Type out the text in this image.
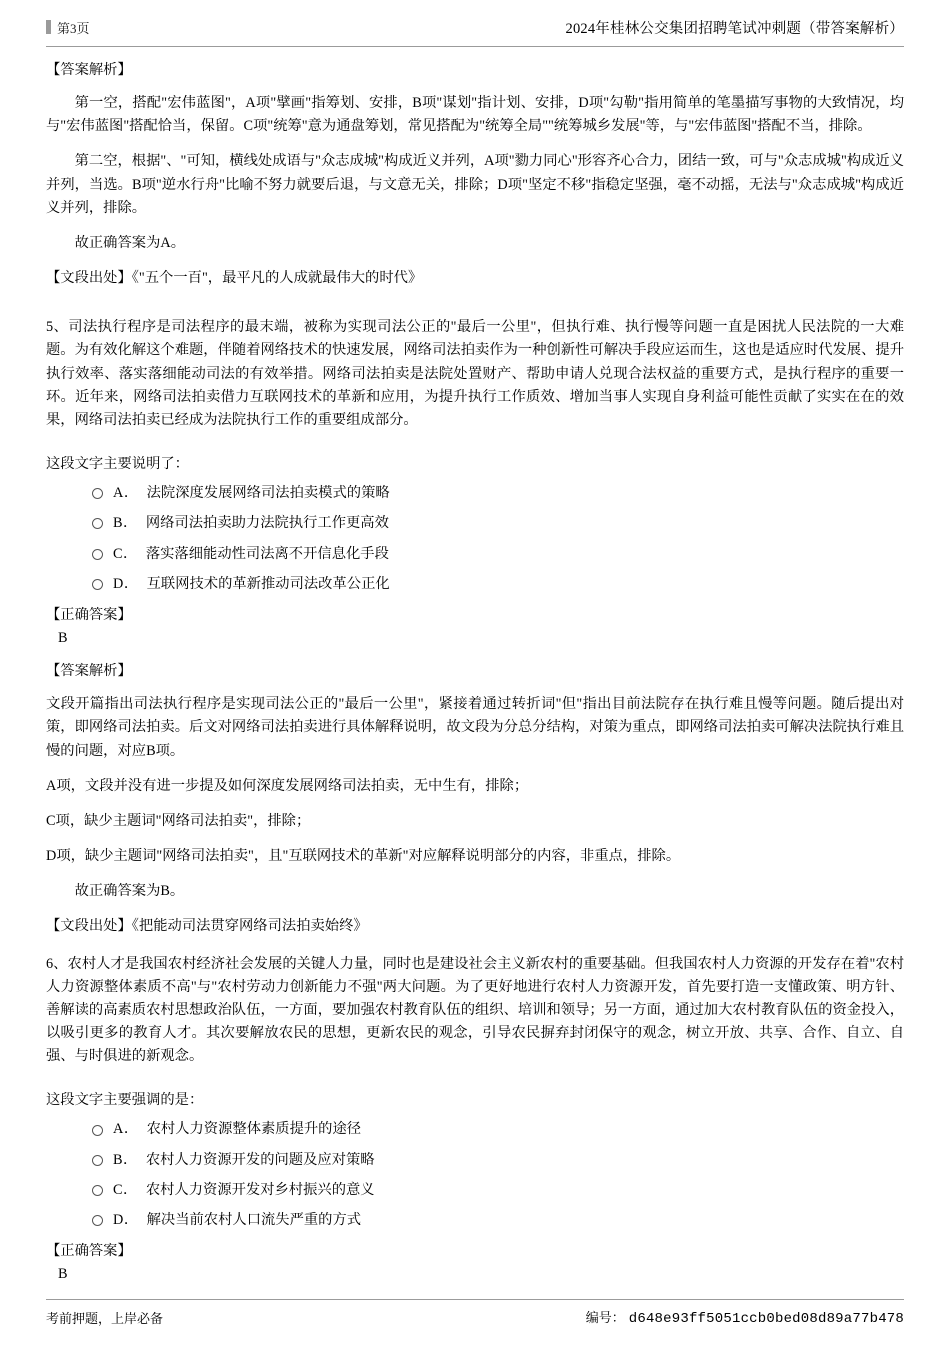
第3页	2024年桂林公交集团招聘笔试冲刺题（带答案解析）
【答案解析】

第一空，搭配"宏伟蓝图"，A项"擘画"指筹划、安排，B项"谋划"指计划、安排，D项"勾勒"指用简单的笔墨描写事物的大致情况，均与"宏伟蓝图"搭配恰当，保留。C项"统筹"意为通盘筹划，常见搭配为"统筹全局""统筹城乡发展"等，与"宏伟蓝图"搭配不当，排除。

第二空，根据"、"可知，横线处成语与"众志成城"构成近义并列，A项"勠力同心"形容齐心合力，团结一致，可与"众志成城"构成近义并列，当选。B项"逆水行舟"比喻不努力就要后退，与文意无关，排除；D项"坚定不移"指稳定坚强，毫不动摇，无法与"众志成城"构成近义并列，排除。

故正确答案为A。

【文段出处】《"五个一百"，最平凡的人成就最伟大的时代》

5、司法执行程序是司法程序的最末端，被称为实现司法公正的"最后一公里"，但执行难、执行慢等问题一直是困扰人民法院的一大难题。为有效化解这个难题，伴随着网络技术的快速发展，网络司法拍卖作为一种创新性可解决手段应运而生，这也是适应时代发展、提升执行效率、落实落细能动司法的有效举措。网络司法拍卖是法院处置财产、帮助申请人兑现合法权益的重要方式，是执行程序的重要一环。近年来，网络司法拍卖借力互联网技术的革新和应用，为提升执行工作质效、增加当事人实现自身利益可能性贡献了实实在在的效果，网络司法拍卖已经成为法院执行工作的重要组成部分。

这段文字主要说明了：

A． 法院深度发展网络司法拍卖模式的策略
B． 网络司法拍卖助力法院执行工作更高效
C． 落实落细能动性司法离不开信息化手段
D． 互联网技术的革新推动司法改革公正化
【正确答案】
B
【答案解析】

文段开篇指出司法执行程序是实现司法公正的"最后一公里"，紧接着通过转折词"但"指出目前法院存在执行难且慢等问题。随后提出对策，即网络司法拍卖。后文对网络司法拍卖进行具体解释说明，故文段为分总分结构，对策为重点，即网络司法拍卖可解决法院执行难且慢的问题，对应B项。

A项，文段并没有进一步提及如何深度发展网络司法拍卖，无中生有，排除；

C项，缺少主题词"网络司法拍卖"，排除；

D项，缺少主题词"网络司法拍卖"，且"互联网技术的革新"对应解释说明部分的内容，非重点，排除。

故正确答案为B。

【文段出处】《把能动司法贯穿网络司法拍卖始终》

6、农村人才是我国农村经济社会发展的关键人力量，同时也是建设社会主义新农村的重要基础。但我国农村人力资源的开发存在着"农村人力资源整体素质不高"与"农村劳动力创新能力不强"两大问题。为了更好地进行农村人力资源开发，首先要打造一支懂政策、明方针、善解读的高素质农村思想政治队伍，一方面，要加强农村教育队伍的组织、培训和领导；另一方面，通过加大农村教育队伍的资金投入，以吸引更多的教育人才。其次要解放农民的思想，更新农民的观念，引导农民摒弃封闭保守的观念，树立开放、共享、合作、自立、自强、与时俱进的新观念。

这段文字主要强调的是：

A． 农村人力资源整体素质提升的途径
B． 农村人力资源开发的问题及应对策略
C． 农村人力资源开发对乡村振兴的意义
D． 解决当前农村人口流失严重的方式
【正确答案】
B
考前押题，上岸必备	编号： d648e93ff5051ccb0bed08d89a77b478
